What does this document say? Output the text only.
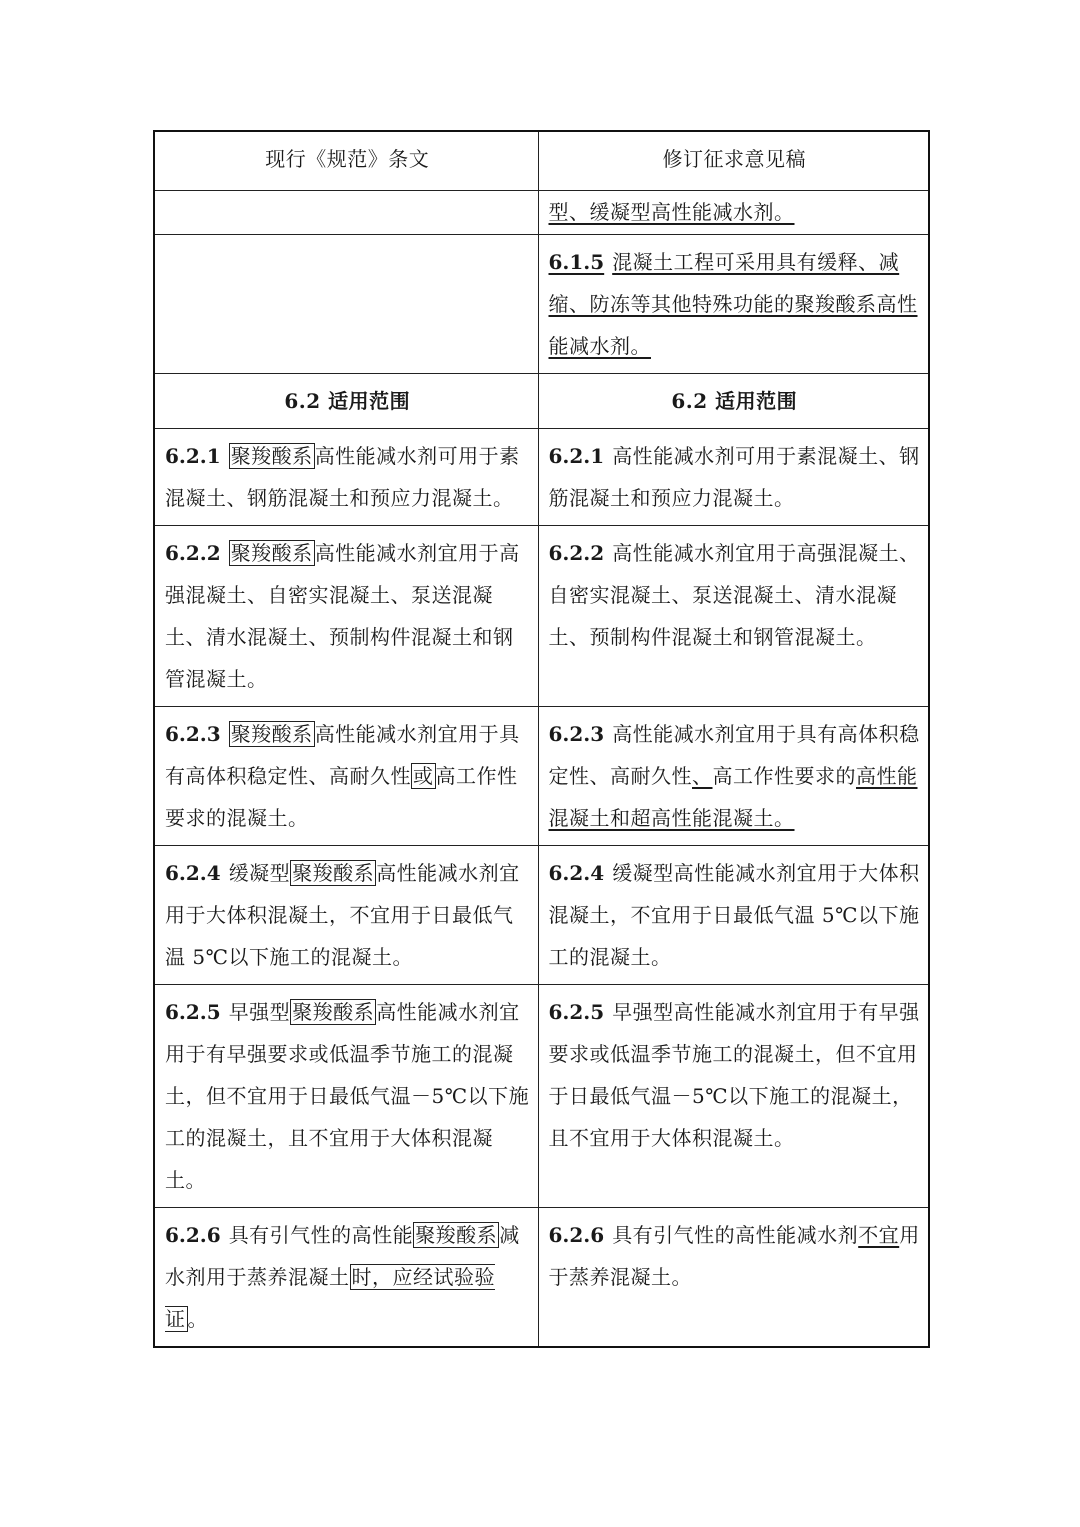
现行《规范》条文	修订征求意见稿
	型、缓凝型高性能减水剂。
	6.1.5 混凝土工程可采用具有缓释、减缩、防冻等其他特殊功能的聚羧酸系高性能减水剂。
6.2 适用范围	6.2 适用范围
6.2.1 聚羧酸系 高性能减水剂可用于素混凝土、钢筋混凝土和预应力混凝土。	6.2.1 高性能减水剂可用于素混凝土、钢筋混凝土和预应力混凝土。
6.2.2 聚羧酸系 高性能减水剂宜用于高强混凝土、自密实混凝土、泵送混凝土、清水混凝土、预制构件混凝土和钢管混凝土。	6.2.2 高性能减水剂宜用于高强混凝土、自密实混凝土、泵送混凝土、清水混凝土、预制构件混凝土和钢管混凝土。
6.2.3 聚羧酸系 高性能减水剂宜用于具有高体积稳定性、高耐久性 或 高工作性要求的混凝土。	6.2.3 高性能减水剂宜用于具有高体积稳定性、高耐久性、高工作性要求的高性能混凝土和超高性能混凝土。
6.2.4 缓凝型 聚羧酸系 高性能减水剂宜用于大体积混凝土，不宜用于日最低气温 5℃以下施工的混凝土。	6.2.4 缓凝型高性能减水剂宜用于大体积混凝土，不宜用于日最低气温 5℃以下施工的混凝土。
6.2.5 早强型 聚羧酸系 高性能减水剂宜用于有早强要求或低温季节施工的混凝土，但不宜用于日最低气温－5℃以下施工的混凝土，且不宜用于大体积混凝土。	6.2.5 早强型高性能减水剂宜用于有早强要求或低温季节施工的混凝土，但不宜用于日最低气温－5℃以下施工的混凝土，且不宜用于大体积混凝土。
6.2.6 具有引气性的高性能 聚羧酸系 减水剂用于蒸养混凝土 时，应经试验验证 。	6.2.6 具有引气性的高性能减水剂不宜用于蒸养混凝土。
